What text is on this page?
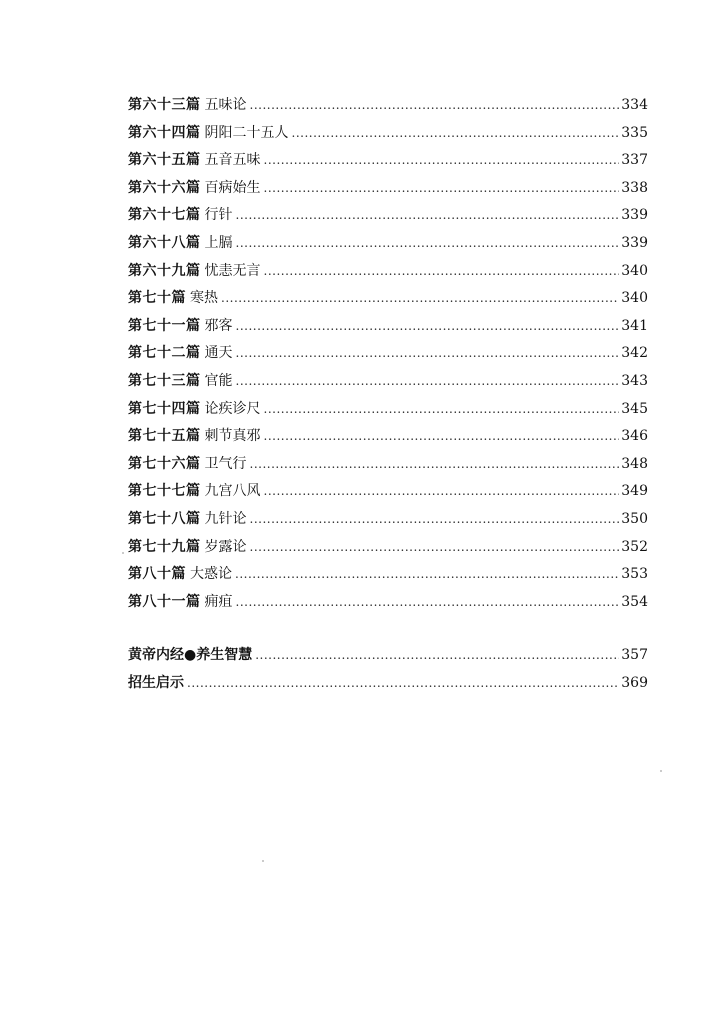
第六十三篇 五味论 .....	334
第六十四篇 阴阳二十五人 .....	335
第六十五篇 五音五味 .....	337
第六十六篇 百病始生 .....	338
第六十七篇 行针 .....	339
第六十八篇 上膈 .....	339
第六十九篇 忧恚无言 .....	340
第七十篇 寒热 .....	340
第七十一篇 邪客 .....	341
第七十二篇 通天 .....	342
第七十三篇 官能 .....	343
第七十四篇 论疾诊尺 .....	345
第七十五篇 刺节真邪 .....	346
第七十六篇 卫气行 .....	348
第七十七篇 九宫八风 .....	349
第七十八篇 九针论 .....	350
第七十九篇 岁露论 .....	352
第八十篇 大惑论 .....	353
第八十一篇 痈疽 .....	354
黄帝内经●养生智慧 .....	357
招生启示 .....	369
